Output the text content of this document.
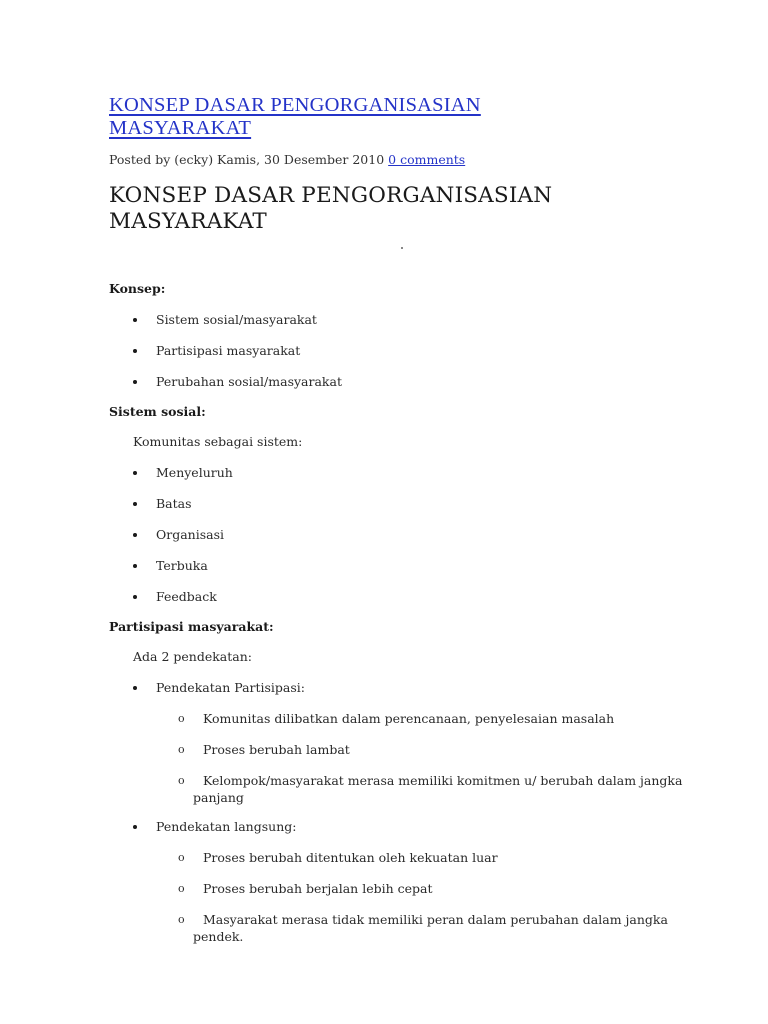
KONSEP DASAR PENGORGANISASIAN
MASYARAKAT
Posted by (ecky) Kamis, 30 Desember 2010 0 comments
KONSEP DASAR PENGORGANISASIAN
MASYARAKAT
Konsep:
Sistem sosial/masyarakat
Partisipasi masyarakat
Perubahan sosial/masyarakat
Sistem sosial:
Komunitas sebagai sistem:
Menyeluruh
Batas
Organisasi
Terbuka
Feedback
Partisipasi masyarakat:
Ada 2 pendekatan:
Pendekatan Partisipasi:
o Komunitas dilibatkan dalam perencanaan, penyelesaian masalah
o Proses berubah lambat
o Kelompok/masyarakat merasa memiliki komitmen u/ berubah dalam jangka
panjang
Pendekatan langsung:
o Proses berubah ditentukan oleh kekuatan luar
o Proses berubah berjalan lebih cepat
o Masyarakat merasa tidak memiliki peran dalam perubahan dalam jangka
pendek.
